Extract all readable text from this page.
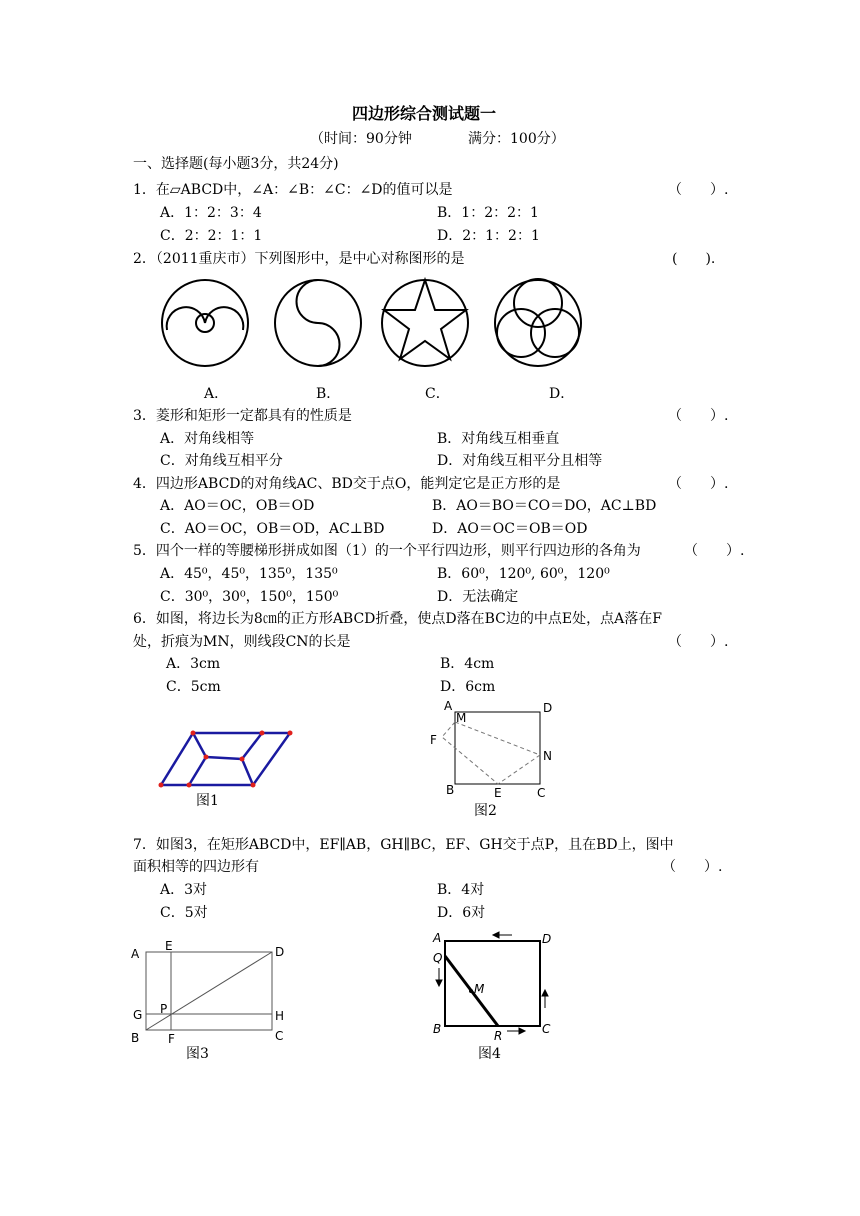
四边形综合测试题一
（时间：90分钟	满分：100分）
一、选择题(每小题3分，共24分)
1．在▱ABCD中，∠A：∠B：∠C：∠D的值可以是	（　　）.
A．1：2：3：4	B．1：2：2：1
C．2：2：1：1	D．2：1：2：1
2．（2011重庆市）下列图形中，是中心对称图形的是	(　　).
A．	B．	C．	D．
3．菱形和矩形一定都具有的性质是	（　　）.
A．对角线相等	B．对角线互相垂直
C．对角线互相平分	D．对角线互相平分且相等
4．四边形ABCD的对角线AC、BD交于点O，能判定它是正方形的是	（　　）.
A．AO＝OC，OB＝OD	B．AO＝BO＝CO＝DO，AC⊥BD
C．AO＝OC，OB＝OD，AC⊥BD	D．AO＝OC＝OB＝OD
5．四个一样的等腰梯形拼成如图（1）的一个平行四边形，则平行四边形的各角为	（　　）.
A．45⁰，45⁰，135⁰，135⁰	B．60⁰，120⁰, 60⁰，120⁰
C．30⁰，30⁰，150⁰，150⁰	D．无法确定
6．如图，将边长为8㎝的正方形ABCD折叠，使点D落在BC边的中点E处，点A落在F
处，折痕为MN，则线段CN的长是	（　　）.
A．3cm	B．4cm
C．5cm	D．6cm
图1
A
M
D
F
N
B	E	C
图2
7．如图3，在矩形ABCD中，EF∥AB，GH∥BC，EF、GH交于点P，且在BD上，图中
面积相等的四边形有	（　　）.
A．3对	B．4对
C．5对	D．6对
A
E	D
G P	H
B F	C
图3
A	D
Q
M
B	R	C
图4
